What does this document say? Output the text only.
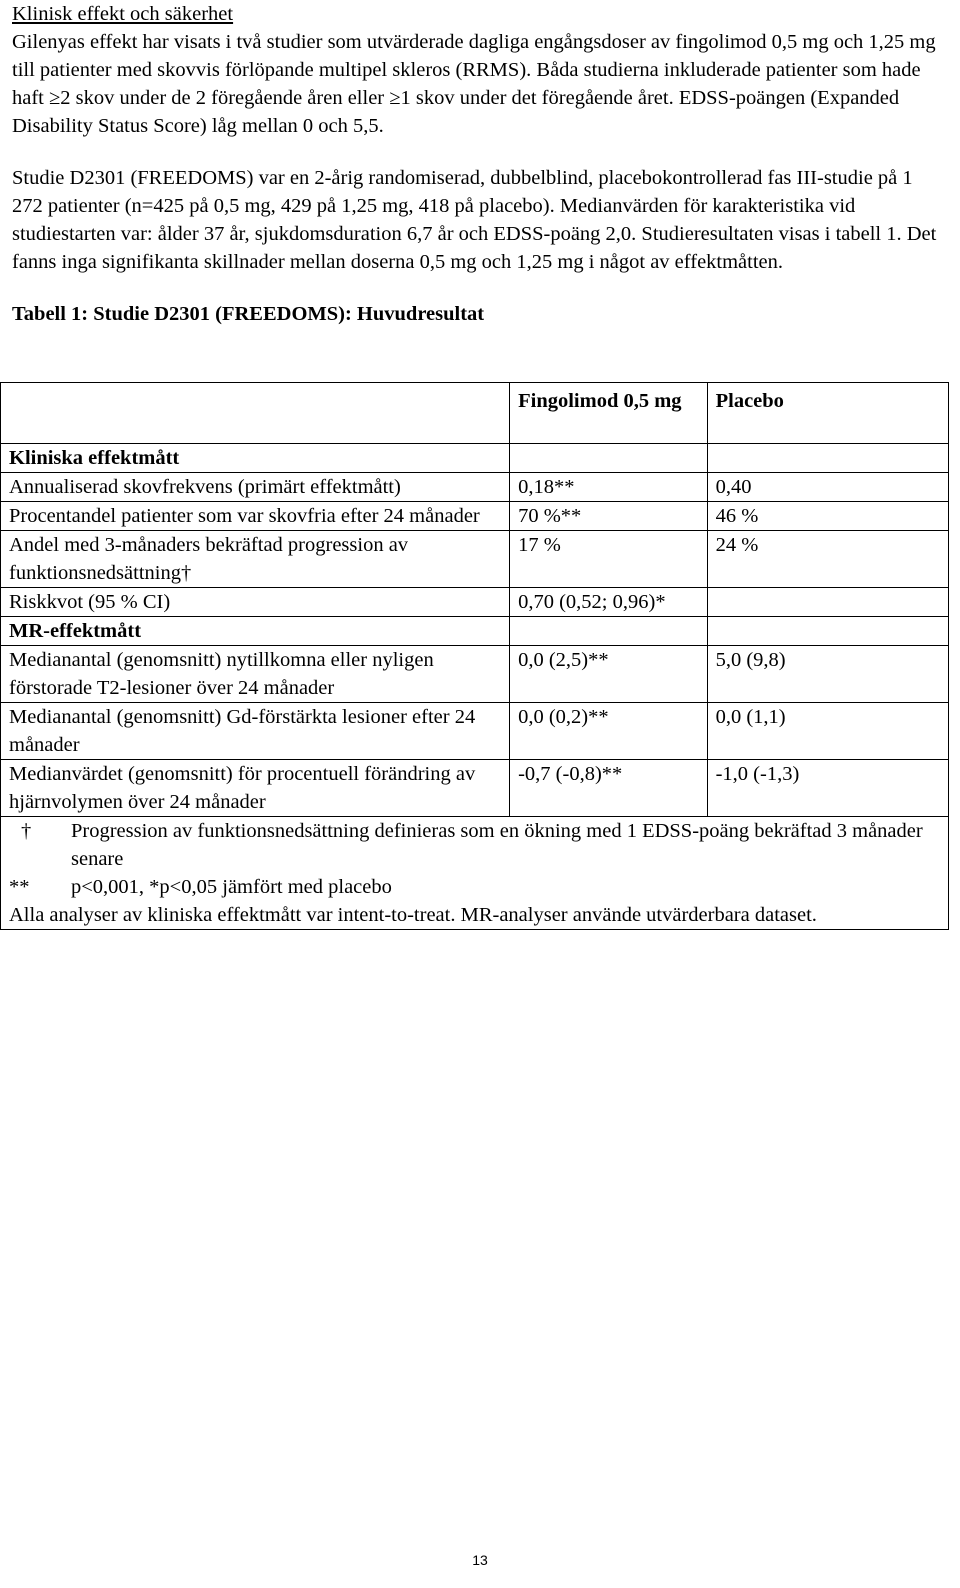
Klinisk effekt och säkerhet

Gilenyas effekt har visats i två studier som utvärderade dagliga engångsdoser av fingolimod 0,5 mg och 1,25 mg till patienter med skovvis förlöpande multipel skleros (RRMS). Båda studierna inkluderade patienter som hade haft ≥2 skov under de 2 föregående åren eller ≥1 skov under det föregående året. EDSS-poängen (Expanded Disability Status Score) låg mellan 0 och 5,5.

Studie D2301 (FREEDOMS) var en 2-årig randomiserad, dubbelblind, placebokontrollerad fas III-studie på 1 272 patienter (n=425 på 0,5 mg, 429 på 1,25 mg, 418 på placebo). Medianvärden för karakteristika vid studiestarten var: ålder 37 år, sjukdomsduration 6,7 år och EDSS-poäng 2,0. Studieresultaten visas i tabell 1. Det fanns inga signifikanta skillnader mellan doserna 0,5 mg och 1,25 mg i något av effektmåtten.

Tabell 1: Studie D2301 (FREEDOMS): Huvudresultat

	Fingolimod 0,5 mg	Placebo
Kliniska effektmått		
Annualiserad skovfrekvens (primärt effektmått)	0,18**	0,40
Procentandel patienter som var skovfria efter 24 månader	70 %**	46 %
Andel med 3-månaders bekräftad progression av funktionsnedsättning†	17 %	24 %
Riskkvot (95 % CI)	0,70 (0,52; 0,96)*	
MR-effektmått		
Medianantal (genomsnitt) nytillkomna eller nyligen förstorade T2-lesioner över 24 månader	0,0 (2,5)**	5,0 (9,8)
Medianantal (genomsnitt) Gd-förstärkta lesioner efter 24 månader	0,0 (0,2)**	0,0 (1,1)
Medianvärdet (genomsnitt) för procentuell förändring av hjärnvolymen över 24 månader	-0,7 (-0,8)**	-1,0 (-1,3)

† Progression av funktionsnedsättning definieras som en ökning med 1 EDSS-poäng bekräftad 3 månader senare
** p<0,001, *p<0,05 jämfört med placebo
Alla analyser av kliniska effektmått var intent-to-treat. MR-analyser använde utvärderbara dataset.		
13
